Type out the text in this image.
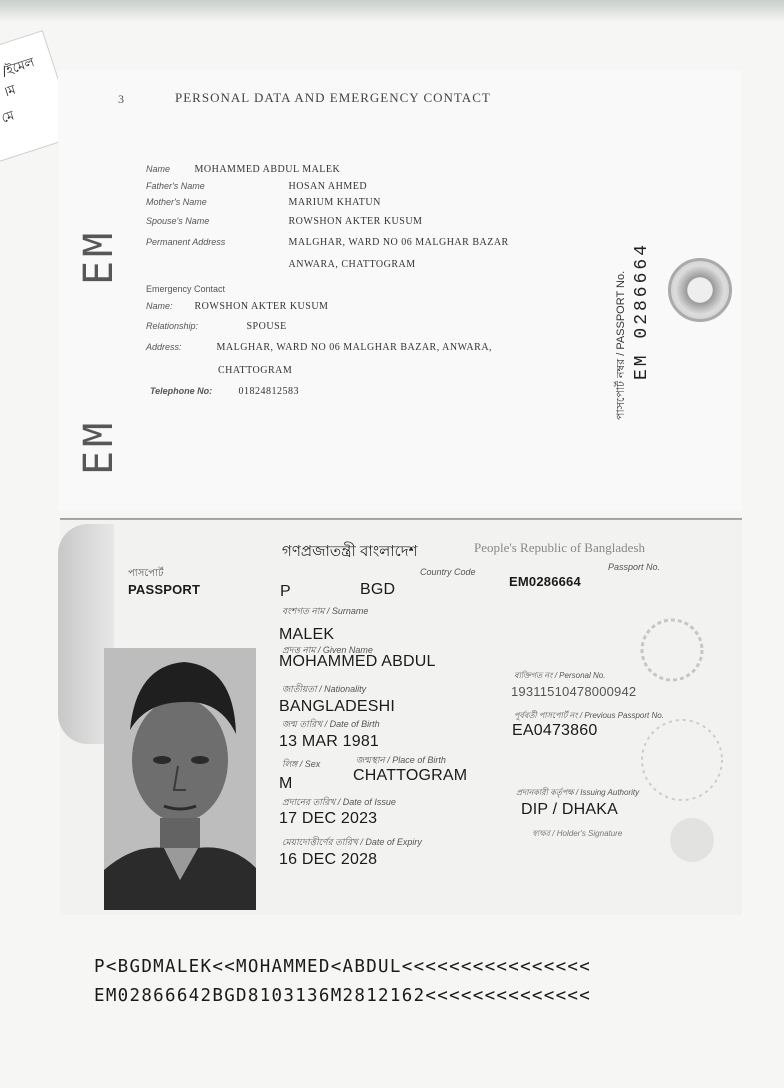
/ইমেল
।ম
মে
3	PERSONAL DATA AND EMERGENCY CONTACT
EM
EM
Name MOHAMMED ABDUL MALEK
Father's Name	HOSAN AHMED
Mother's Name	MARIUM KHATUN
Spouse's Name	ROWSHON AKTER KUSUM
Permanent Address	MALGHAR, WARD NO 06 MALGHAR BAZAR
ANWARA, CHATTOGRAM
Emergency Contact
Name: ROWSHON AKTER KUSUM
Relationship:	SPOUSE
Address:	MALGHAR, WARD NO 06 MALGHAR BAZAR, ANWARA,
CHATTOGRAM
Telephone No:	01824812583	পাসপোর্ট নম্বর / PASSPORT No. EM 0286664
গণপ্রজাতন্ত্রী বাংলাদেশ	People's Republic of Bangladesh
পাসপোর্ট
PASSPORT	P
Country Code
BGD
Passport No.
EM0286664
বংশগত নাম / Surname
MALEK
প্রদত্ত নাম / Given Name
MOHAMMED ABDUL
জাতীয়তা / Nationality
BANGLADESHI
জন্ম তারিখ / Date of Birth
13 MAR 1981
লিঙ্গ / Sex	জন্মস্থান / Place of Birth
M	CHATTOGRAM
প্রদানের তারিখ / Date of Issue
17 DEC 2023
মেয়াদোত্তীর্ণের তারিখ / Date of Expiry
16 DEC 2028
ব্যক্তিগত নং / Personal No.
19311510478000942
পূর্ববর্তী পাসপোর্ট নং / Previous Passport No.
EA0473860
প্রদানকারী কর্তৃপক্ষ / Issuing Authority
DIP / DHAKA
স্বাক্ষর / Holder's Signature
P<BGDMALEK<<MOHAMMED<ABDUL<<<<<<<<<<<<<<<<
EM02866642BGD8103136M2812162<<<<<<<<<<<<<<
